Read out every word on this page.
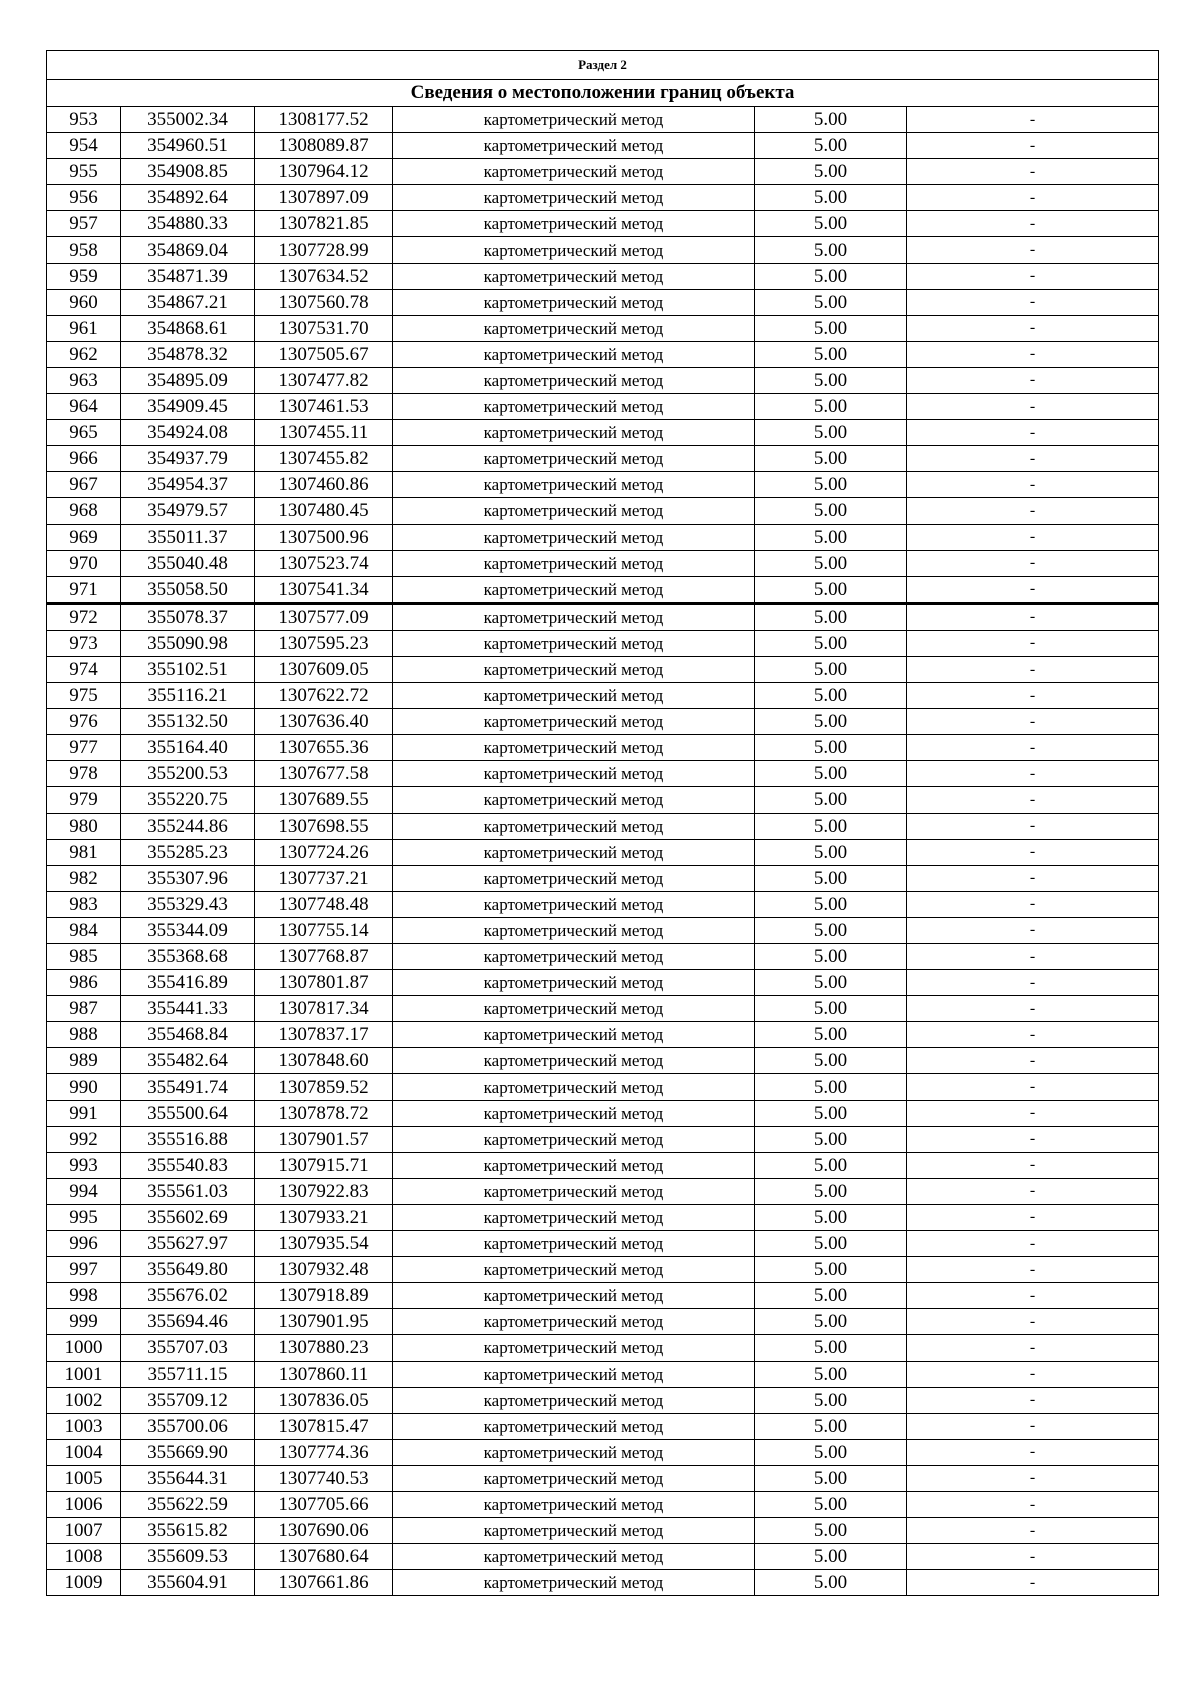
Раздел 2					
Сведения о местоположении границ объекта					
953	355002.34	1308177.52	картометрический метод	5.00	-
954	354960.51	1308089.87	картометрический метод	5.00	-
955	354908.85	1307964.12	картометрический метод	5.00	-
956	354892.64	1307897.09	картометрический метод	5.00	-
957	354880.33	1307821.85	картометрический метод	5.00	-
958	354869.04	1307728.99	картометрический метод	5.00	-
959	354871.39	1307634.52	картометрический метод	5.00	-
960	354867.21	1307560.78	картометрический метод	5.00	-
961	354868.61	1307531.70	картометрический метод	5.00	-
962	354878.32	1307505.67	картометрический метод	5.00	-
963	354895.09	1307477.82	картометрический метод	5.00	-
964	354909.45	1307461.53	картометрический метод	5.00	-
965	354924.08	1307455.11	картометрический метод	5.00	-
966	354937.79	1307455.82	картометрический метод	5.00	-
967	354954.37	1307460.86	картометрический метод	5.00	-
968	354979.57	1307480.45	картометрический метод	5.00	-
969	355011.37	1307500.96	картометрический метод	5.00	-
970	355040.48	1307523.74	картометрический метод	5.00	-
971	355058.50	1307541.34	картометрический метод	5.00	-
972	355078.37	1307577.09	картометрический метод	5.00	-
973	355090.98	1307595.23	картометрический метод	5.00	-
974	355102.51	1307609.05	картометрический метод	5.00	-
975	355116.21	1307622.72	картометрический метод	5.00	-
976	355132.50	1307636.40	картометрический метод	5.00	-
977	355164.40	1307655.36	картометрический метод	5.00	-
978	355200.53	1307677.58	картометрический метод	5.00	-
979	355220.75	1307689.55	картометрический метод	5.00	-
980	355244.86	1307698.55	картометрический метод	5.00	-
981	355285.23	1307724.26	картометрический метод	5.00	-
982	355307.96	1307737.21	картометрический метод	5.00	-
983	355329.43	1307748.48	картометрический метод	5.00	-
984	355344.09	1307755.14	картометрический метод	5.00	-
985	355368.68	1307768.87	картометрический метод	5.00	-
986	355416.89	1307801.87	картометрический метод	5.00	-
987	355441.33	1307817.34	картометрический метод	5.00	-
988	355468.84	1307837.17	картометрический метод	5.00	-
989	355482.64	1307848.60	картометрический метод	5.00	-
990	355491.74	1307859.52	картометрический метод	5.00	-
991	355500.64	1307878.72	картометрический метод	5.00	-
992	355516.88	1307901.57	картометрический метод	5.00	-
993	355540.83	1307915.71	картометрический метод	5.00	-
994	355561.03	1307922.83	картометрический метод	5.00	-
995	355602.69	1307933.21	картометрический метод	5.00	-
996	355627.97	1307935.54	картометрический метод	5.00	-
997	355649.80	1307932.48	картометрический метод	5.00	-
998	355676.02	1307918.89	картометрический метод	5.00	-
999	355694.46	1307901.95	картометрический метод	5.00	-
1000	355707.03	1307880.23	картометрический метод	5.00	-
1001	355711.15	1307860.11	картометрический метод	5.00	-
1002	355709.12	1307836.05	картометрический метод	5.00	-
1003	355700.06	1307815.47	картометрический метод	5.00	-
1004	355669.90	1307774.36	картометрический метод	5.00	-
1005	355644.31	1307740.53	картометрический метод	5.00	-
1006	355622.59	1307705.66	картометрический метод	5.00	-
1007	355615.82	1307690.06	картометрический метод	5.00	-
1008	355609.53	1307680.64	картометрический метод	5.00	-
1009	355604.91	1307661.86	картометрический метод	5.00	-
